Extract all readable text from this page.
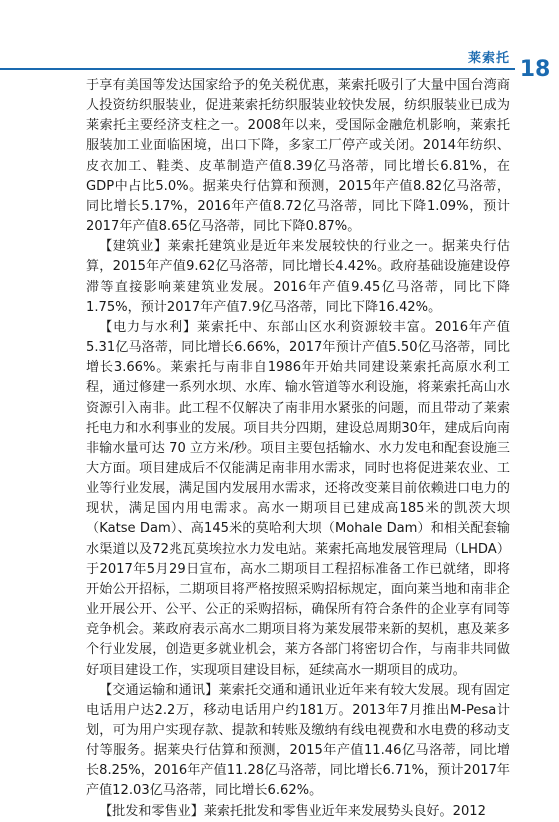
莱索托 18

于享有美国等发达国家给予的免关税优惠，莱索托吸引了大量中国台湾商人投资纺织服装业，促进莱索托纺织服装业较快发展，纺织服装业已成为莱索托主要经济支柱之一。2008年以来，受国际金融危机影响，莱索托服装加工业面临困境，出口下降，多家工厂停产或关闭。2014年纺织、皮衣加工、鞋类、皮革制造产值8.39亿马洛蒂，同比增长6.81%，在GDP中占比5.0%。据莱央行估算和预测，2015年产值8.82亿马洛蒂，同比增长5.17%，2016年产值8.72亿马洛蒂，同比下降1.09%，预计2017年产值8.65亿马洛蒂，同比下降0.87%。

【建筑业】莱索托建筑业是近年来发展较快的行业之一。据莱央行估算，2015年产值9.62亿马洛蒂，同比增长4.42%。政府基础设施建设停滞等直接影响莱建筑业发展。2016年产值9.45亿马洛蒂，同比下降1.75%，预计2017年产值7.9亿马洛蒂，同比下降16.42%。

【电力与水利】莱索托中、东部山区水利资源较丰富。2016年产值5.31亿马洛蒂，同比增长6.66%，2017年预计产值5.50亿马洛蒂，同比增长3.66%。莱索托与南非自1986年开始共同建设莱索托高原水利工程，通过修建一系列水坝、水库、输水管道等水利设施，将莱索托高山水资源引入南非。此工程不仅解决了南非用水紧张的问题，而且带动了莱索托电力和水利事业的发展。项目共分四期，建设总周期30年，建成后向南非输水量可达 70 立方米/秒。项目主要包括输水、水力发电和配套设施三大方面。项目建成后不仅能满足南非用水需求，同时也将促进莱农业、工业等行业发展，满足国内发展用水需求，还将改变莱目前依赖进口电力的现状，满足国内用电需求。高水一期项目已建成高185米的凯茨大坝（Katse Dam）、高145米的莫哈利大坝（Mohale Dam）和相关配套输水渠道以及72兆瓦莫埃拉水力发电站。莱索托高地发展管理局（LHDA）于2017年5月29日宣布，高水二期项目工程招标准备工作已就绪，即将开始公开招标，二期项目将严格按照采购招标规定，面向莱当地和南非企业开展公开、公平、公正的采购招标，确保所有符合条件的企业享有同等竞争机会。莱政府表示高水二期项目将为莱发展带来新的契机，惠及莱多个行业发展，创造更多就业机会，莱方各部门将密切合作，与南非共同做好项目建设工作，实现项目建设目标，延续高水一期项目的成功。

【交通运输和通讯】莱索托交通和通讯业近年来有较大发展。现有固定电话用户达2.2万，移动电话用户约181万。2013年7月推出M-Pesa计划，可为用户实现存款、提款和转账及缴纳有线电视费和水电费的移动支付等服务。据莱央行估算和预测，2015年产值11.46亿马洛蒂，同比增长8.25%，2016年产值11.28亿马洛蒂，同比增长6.71%，预计2017年产值12.03亿马洛蒂，同比增长6.62%。

【批发和零售业】莱索托批发和零售业近年来发展势头良好。2012
